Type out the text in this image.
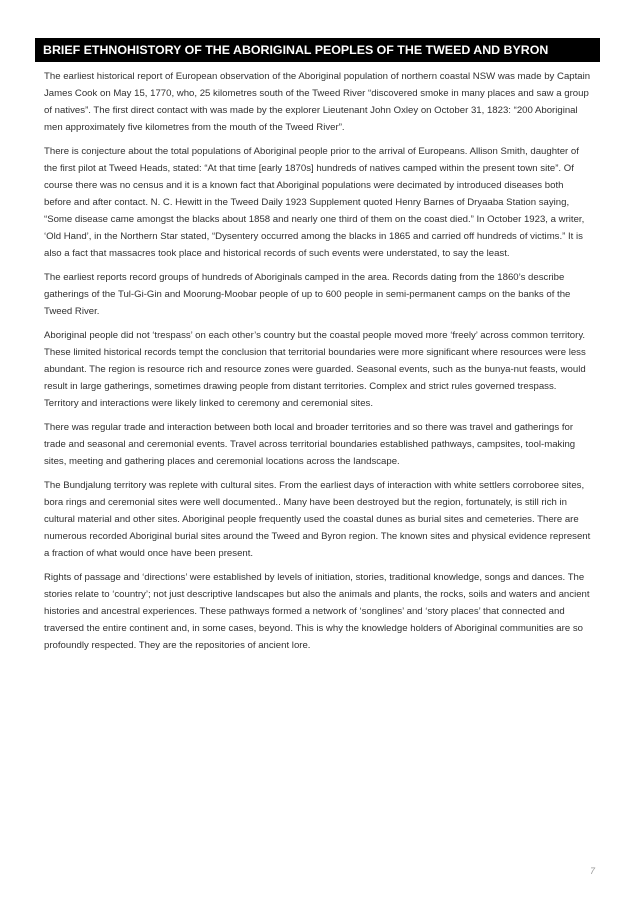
BRIEF ETHNOHISTORY OF THE ABORIGINAL PEOPLES OF THE TWEED AND BYRON

The earliest historical report of European observation of the Aboriginal population of northern coastal NSW was made by Captain James Cook on May 15, 1770, who, 25 kilometres south of the Tweed River “discovered smoke in many places and saw a group of natives”. The first direct contact with was made by the explorer Lieutenant John Oxley on October 31, 1823: “200 Aboriginal men approximately five kilometres from the mouth of the Tweed River”.

There is conjecture about the total populations of Aboriginal people prior to the arrival of Europeans. Allison Smith, daughter of the first pilot at Tweed Heads, stated: “At that time [early 1870s] hundreds of natives camped within the present town site”. Of course there was no census and it is a known fact that Aboriginal populations were decimated by introduced diseases both before and after contact. N. C. Hewitt in the Tweed Daily 1923 Supplement quoted Henry Barnes of Dryaaba Station saying, “Some disease came amongst the blacks about 1858 and nearly one third of them on the coast died.” In October 1923, a writer, ‘Old Hand’, in the Northern Star stated, “Dysentery occurred among the blacks in 1865 and carried off hundreds of victims.” It is also a fact that massacres took place and historical records of such events were understated, to say the least.

The earliest reports record groups of hundreds of Aboriginals camped in the area. Records dating from the 1860’s describe gatherings of the Tul-Gi-Gin and Moorung-Moobar people of up to 600 people in semi-permanent camps on the banks of the Tweed River.

Aboriginal people did not ‘trespass’ on each other’s country but the coastal people moved more ‘freely’ across common territory. These limited historical records tempt the conclusion that territorial boundaries were more significant where resources were less abundant. The region is resource rich and resource zones were guarded. Seasonal events, such as the bunya-nut feasts, would result in large gatherings, sometimes drawing people from distant territories. Complex and strict rules governed trespass. Territory and interactions were likely linked to ceremony and ceremonial sites.

There was regular trade and interaction between both local and broader territories and so there was travel and gatherings for trade and seasonal and ceremonial events. Travel across territorial boundaries established pathways, campsites, tool-making sites, meeting and gathering places and ceremonial locations across the landscape.

The Bundjalung territory was replete with cultural sites. From the earliest days of interaction with white settlers corroboree sites, bora rings and ceremonial sites were well documented.. Many have been destroyed but the region, fortunately, is still rich in cultural material and other sites. Aboriginal people frequently used the coastal dunes as burial sites and cemeteries. There are numerous recorded Aboriginal burial sites around the Tweed and Byron region. The known sites and physical evidence represent a fraction of what would once have been present.

Rights of passage and ‘directions’ were established by levels of initiation, stories, traditional knowledge, songs and dances. The stories relate to ‘country’; not just descriptive landscapes but also the animals and plants, the rocks, soils and waters and ancient histories and ancestral experiences. These pathways formed a network of ‘songlines’ and ‘story places’ that connected and traversed the entire continent and, in some cases, beyond. This is why the knowledge holders of Aboriginal communities are so profoundly respected. They are the repositories of ancient lore.

7
